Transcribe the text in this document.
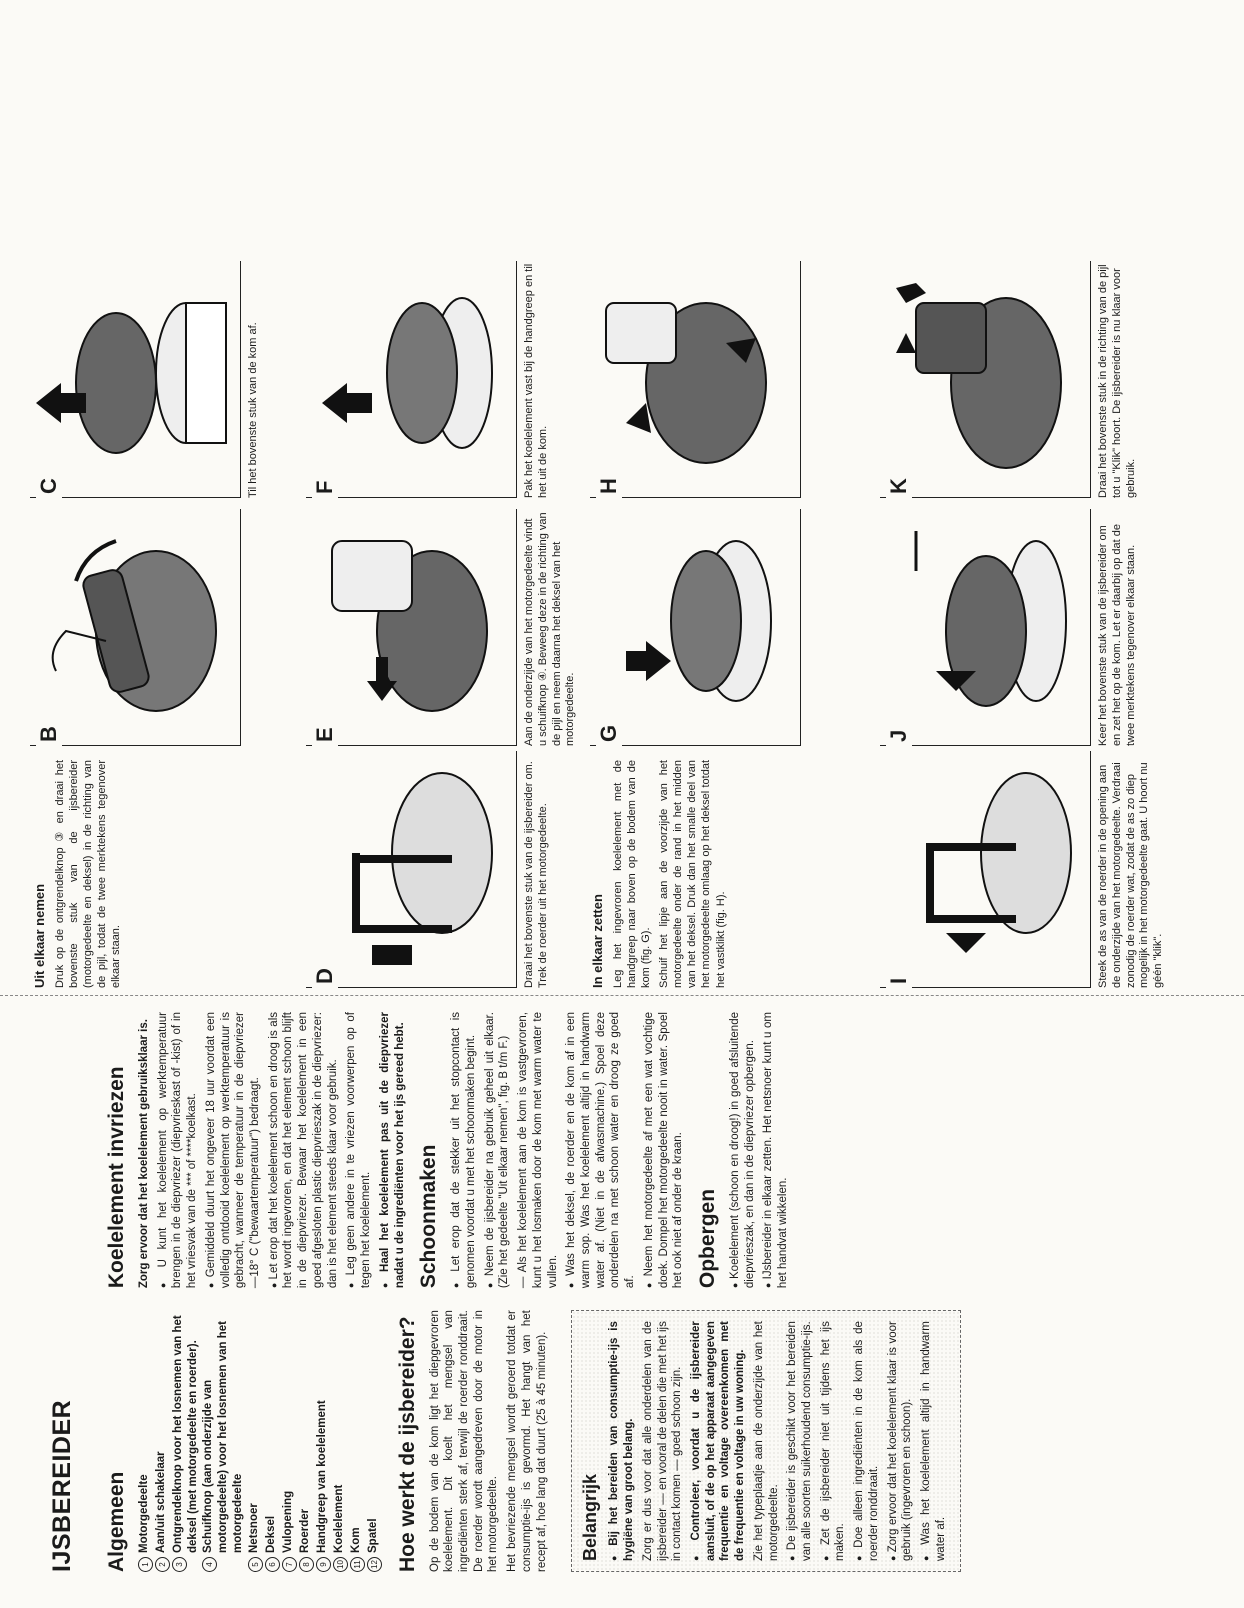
IJSBEREIDER Algemeen	1
Motorgedeelte
2
Aan/uit schakelaar
3
Ontgrendelknop voor het losnemen van het deksel (met motorgedeelte en roerder).
4
Schuifknop (aan onderzijde van motorgedeelte) voor het losnemen van het motorgedeelte
5
Netsnoer
6
Deksel
7
Vulopening
8
Roerder
9
Handgreep van koelelement
10
Koelelement
11
Kom
12
Spatel Hoe werkt de ijsbereider? Op de bodem van de kom ligt het diepgevroren koelelement. Dit koelt het mengsel van ingrediënten sterk af, terwijl de roerder ronddraait. De roerder wordt aangedreven door de motor in het motorgedeelte. Het bevriezende mengsel wordt geroerd totdat er consumptie-ijs is gevormd. Het hangt van het recept af, hoe lang dat duurt (25 à 45 minuten). Belangrijk ● Bij het bereiden van consumptie-ijs is hygiëne van groot belang. Zorg er dus voor dat alle onderdelen van de ijsbereider — en vooral de delen die met het ijs in contact komen — goed schoon zijn. ● Controleer, voordat u de ijsbereider aansluit, of de op het apparaat aangegeven frequentie en voltage overeenkomen met de frequentie en voltage in uw woning. Zie het typeplaatje aan de onderzijde van het motorgedeelte. ● De ijsbereider is geschikt voor het bereiden van alle soorten suikerhoudend consumptie-ijs. ● Zet de ijsbereider niet uit tijdens het ijs maken. ● Doe alleen ingrediënten in de kom als de roerder ronddraait. ● Zorg ervoor dat het koelelement klaar is voor gebruik (ingevroren en schoon). ● Was het koelelement altijd in handwarm water af.

Koelelement invriezen Zorg ervoor dat het koelelement gebruiksklaar is. ● U kunt het koelelement op werktemperatuur brengen in de diepvriezer (diepvrieskast of -kist) of in het vriesvak van de *** of ****koelkast. ● Gemiddeld duurt het ongeveer 18 uur voordat een volledig ontdooid koelelement op werktemperatuur is gebracht, wanneer de temperatuur in de diepvriezer —18° C ("bewaartemperatuur") bedraagt. ● Let erop dat het koelelement schoon en droog is als het wordt ingevroren, en dat het element schoon blijft in de diepvriezer. Bewaar het koelelement in een goed afgesloten plastic diepvrieszak in de diepvriezer: dan is het element steeds klaar voor gebruik. ● Leg geen andere in te vriezen voorwerpen op of tegen het koelelement. ● Haal het koelelement pas uit de diepvriezer nadat u de ingrediënten voor het ijs gereed hebt. Schoonmaken ● Let erop dat de stekker uit het stopcontact is genomen voordat u met het schoonmaken begint. ● Neem de ijsbereider na gebruik geheel uit elkaar. (Zie het gedeelte "Uit elkaar nemen", fig. B t/m F.) — Als het koelelement aan de kom is vastgevroren, kunt u het losmaken door de kom met warm water te vullen. ● Was het deksel, de roerder en de kom af in een warm sop. Was het koelelement altijd in handwarm water af. (Niet in de afwasmachine.) Spoel deze onderdelen na met schoon water en droog ze goed af.

● Neem het motorgedeelte af met een wat vochtige doek. Dompel het motorgedeelte nooit in water. Spoel het ook niet af onder de kraan. Opbergen ● Koelelement (schoon en droog!) in goed afsluitende diepvrieszak, en dan in de diepvriezer opbergen. ● IJsbereider in elkaar zetten. Het netsnoer kunt u om het handvat wikkelen.

Uit elkaar nemen Druk op de ontgrendelknop ③ en draai het bovenste stuk van de ijsbereider (motorgedeelte en deksel) in de richting van de pijl, todat de twee merktekens tegenover elkaar staan.

B
C	Til het bovenste stuk van de kom af.
D	Draai het bovenste stuk van de ijsbereider om. Trek de roerder uit het motorgedeelte.
E	Aan de onderzijde van het motorgedeelte vindt u schuifknop ④. Beweeg deze in de richting van de pijl en neem daarna het deksel van het motorgedeelte.
F	Pak het koelelement vast bij de handgreep en til het uit de kom.
In elkaar zetten Leg het ingevroren koelelement met de handgreep naar boven op de bodem van de kom (fig. G). Schuif het lipje aan de voorzijde van het motorgedeelte onder de rand in het midden van het deksel. Druk dan het smalle deel van het motorgedeelte omlaag op het deksel totdat het vastklikt (fig. H).

G
H
I	Steek de as van de roerder in de opening aan de onderzijde van het motorgedeelte. Verdraai zonodig de roerder wat, zodat de as zo diep mogelijk in het motorgedeelte gaat. U hoort nu géén "klik".
J	Keer het bovenste stuk van de ijsbereider om en zet het op de kom. Let er daarbij op dat de twee merktekens tegenover elkaar staan.
K	Draai het bovenste stuk in de richting van de pijl tot u "Klik" hoort. De ijsbereider is nu klaar voor gebruik.
